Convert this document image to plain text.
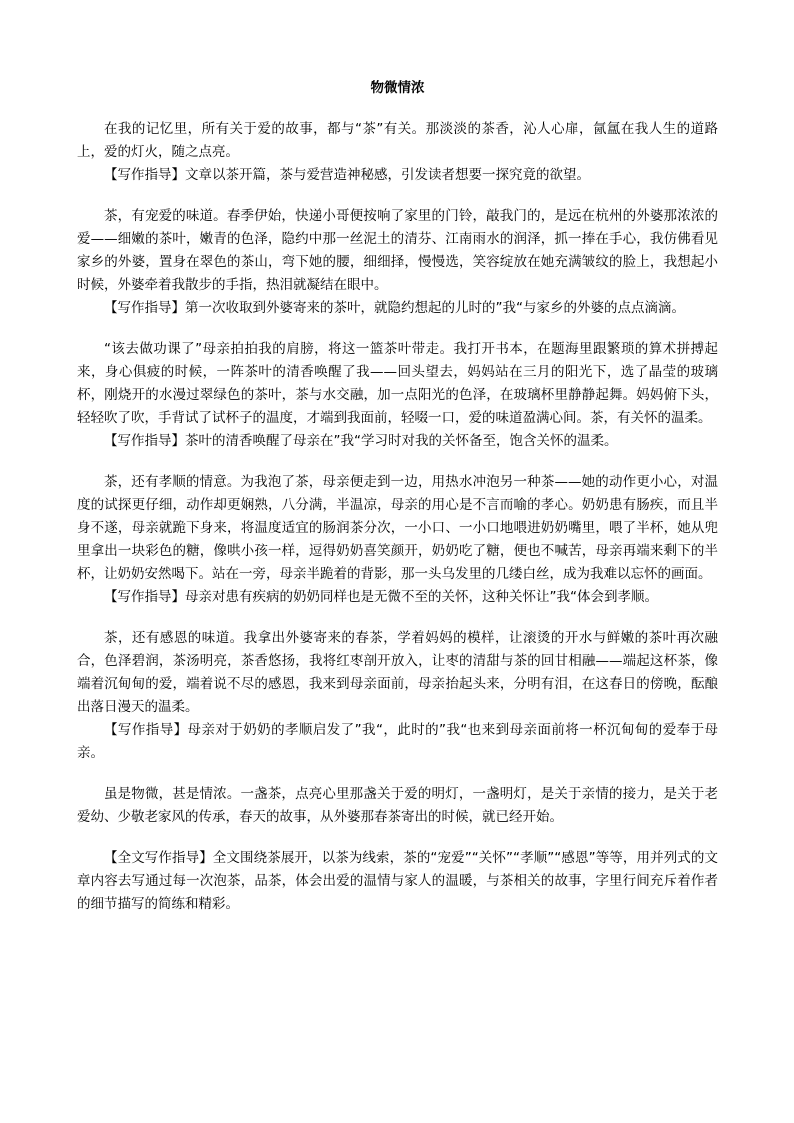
物微情浓

在我的记忆里，所有关于爱的故事，都与“茶”有关。那淡淡的茶香，沁人心扉，氤氲在我人生的道路上，爱的灯火，随之点亮。

【写作指导】文章以茶开篇，茶与爱营造神秘感，引发读者想要一探究竟的欲望。

茶，有宠爱的味道。春季伊始，快递小哥便按响了家里的门铃，敲我门的，是远在杭州的外婆那浓浓的爱——细嫩的茶叶，嫩青的色泽，隐约中那一丝泥土的清芬、江南雨水的润泽，抓一捧在手心，我仿佛看见家乡的外婆，置身在翠色的茶山，弯下她的腰，细细择，慢慢选，笑容绽放在她充满皱纹的脸上，我想起小时候，外婆牵着我散步的手指，热泪就凝结在眼中。

【写作指导】第一次收取到外婆寄来的茶叶，就隐约想起的儿时的”我“与家乡的外婆的点点滴滴。

“该去做功课了”母亲拍拍我的肩膀，将这一篮茶叶带走。我打开书本，在题海里跟繁琐的算术拼搏起来，身心俱疲的时候，一阵茶叶的清香唤醒了我——回头望去，妈妈站在三月的阳光下，选了晶莹的玻璃杯，刚烧开的水漫过翠绿色的茶叶，茶与水交融，加一点阳光的色泽，在玻璃杯里静静起舞。妈妈俯下头，轻轻吹了吹，手背试了试杯子的温度，才端到我面前，轻啜一口，爱的味道盈满心间。茶，有关怀的温柔。

【写作指导】茶叶的清香唤醒了母亲在”我“学习时对我的关怀备至，饱含关怀的温柔。

茶，还有孝顺的情意。为我泡了茶，母亲便走到一边，用热水冲泡另一种茶——她的动作更小心，对温度的试探更仔细，动作却更娴熟，八分满，半温凉，母亲的用心是不言而喻的孝心。奶奶患有肠疾，而且半身不遂，母亲就跪下身来，将温度适宜的肠润茶分次，一小口、一小口地喂进奶奶嘴里，喂了半杯，她从兜里拿出一块彩色的糖，像哄小孩一样，逗得奶奶喜笑颜开，奶奶吃了糖，便也不喊苦，母亲再端来剩下的半杯，让奶奶安然喝下。站在一旁，母亲半跪着的背影，那一头乌发里的几缕白丝，成为我难以忘怀的画面。

【写作指导】母亲对患有疾病的奶奶同样也是无微不至的关怀，这种关怀让”我“体会到孝顺。

茶，还有感恩的味道。我拿出外婆寄来的春茶，学着妈妈的模样，让滚烫的开水与鲜嫩的茶叶再次融合，色泽碧润，茶汤明亮，茶香悠扬，我将红枣剖开放入，让枣的清甜与茶的回甘相融——端起这杯茶，像端着沉甸甸的爱，端着说不尽的感恩，我来到母亲面前，母亲抬起头来，分明有泪，在这春日的傍晚，酝酿出落日漫天的温柔。

【写作指导】母亲对于奶奶的孝顺启发了”我“，此时的”我“也来到母亲面前将一杯沉甸甸的爱奉于母亲。

虽是物微，甚是情浓。一盏茶，点亮心里那盏关于爱的明灯，一盏明灯，是关于亲情的接力，是关于老爱幼、少敬老家风的传承，春天的故事，从外婆那春茶寄出的时候，就已经开始。

【全文写作指导】全文围绕茶展开，以茶为线索，茶的“宠爱”“关怀”“孝顺”“感恩”等等，用并列式的文章内容去写通过每一次泡茶，品茶，体会出爱的温情与家人的温暖，与茶相关的故事，字里行间充斥着作者的细节描写的简练和精彩。
